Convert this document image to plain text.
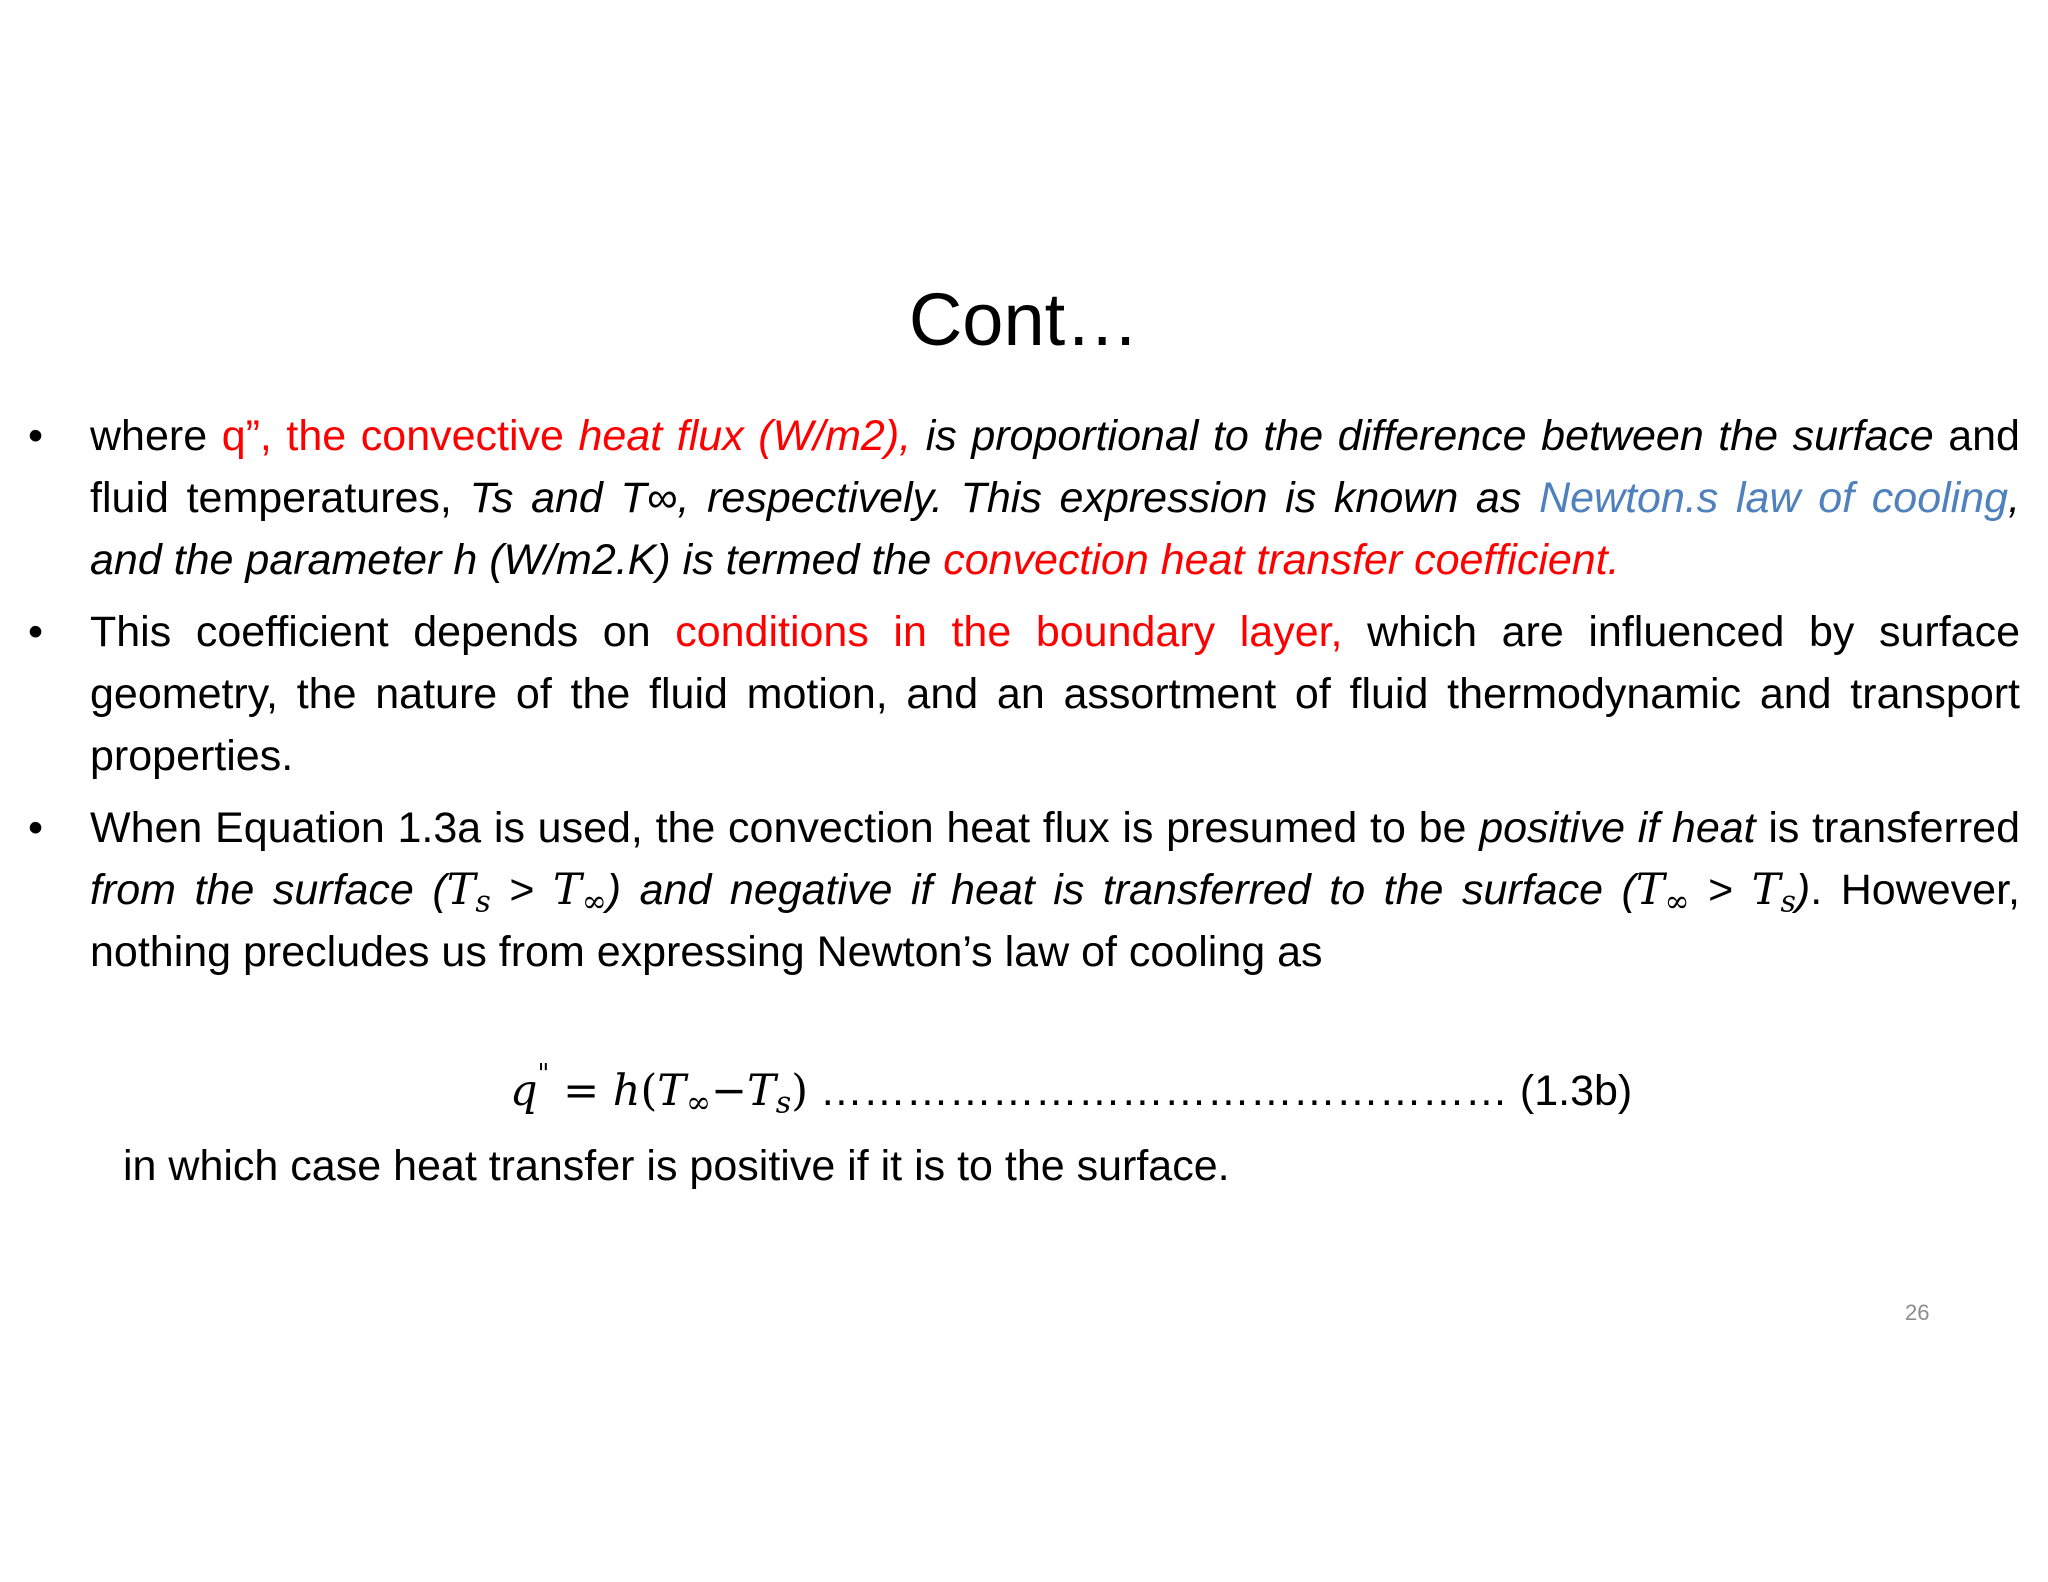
Cont…
• where q”, the convective heat flux (W/m2), is proportional to the difference between the surface and fluid temperatures, Ts and T∞, respectively. This expression is known as Newton.s law of cooling, and the parameter h (W/m2.K) is termed the convection heat transfer coefficient.
• This coefficient depends on conditions in the boundary layer, which are influenced by surface geometry, the nature of the fluid motion, and an assortment of fluid thermodynamic and transport properties.
• When Equation 1.3a is used, the convection heat flux is presumed to be positive if heat is transferred from the surface $(T_s > T_\infty)$ and negative if heat is transferred to the surface $(T_\infty > T_s)$. However, nothing precludes us from expressing Newton’s law of cooling as
$q^" = h(T_\infty-T_s)$ ………………………………………… (1.3b)
in which case heat transfer is positive if it is to the surface.
26
